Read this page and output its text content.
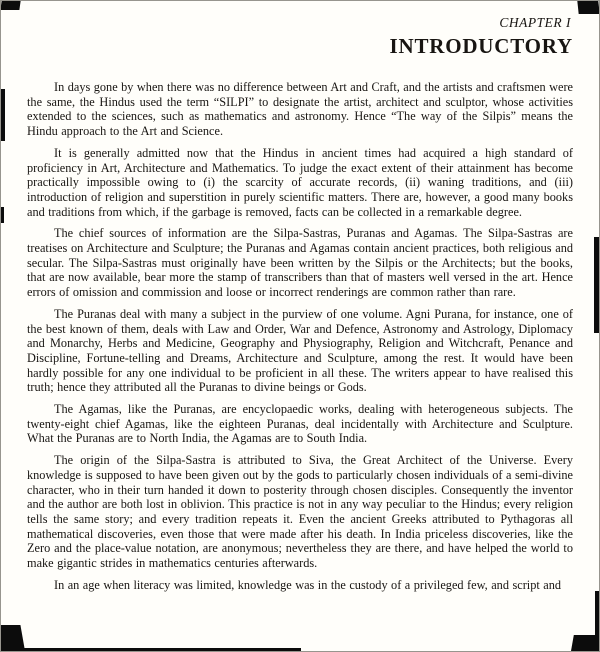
CHAPTER I
INTRODUCTORY

In days gone by when there was no difference between Art and Craft, and the artists and craftsmen were the same, the Hindus used the term “SILPI” to designate the artist, architect and sculptor, whose activities extended to the sciences, such as mathematics and astronomy. Hence “The way of the Silpis” means the Hindu approach to the Art and Science.

It is generally admitted now that the Hindus in ancient times had acquired a high standard of proficiency in Art, Architecture and Mathematics. To judge the exact extent of their attainment has become practically impossible owing to (i) the scarcity of accurate records, (ii) waning traditions, and (iii) introduction of religion and superstition in purely scientific matters. There are, however, a good many books and traditions from which, if the garbage is removed, facts can be collected in a remarkable degree.

The chief sources of information are the Silpa-Sastras, Puranas and Agamas. The Silpa-Sastras are treatises on Architecture and Sculpture; the Puranas and Agamas contain ancient practices, both religious and secular. The Silpa-Sastras must originally have been written by the Silpis or the Architects; but the books, that are now available, bear more the stamp of transcribers than that of masters well versed in the art. Hence errors of omission and commission and loose or incorrect renderings are common rather than rare.

The Puranas deal with many a subject in the purview of one volume. Agni Purana, for instance, one of the best known of them, deals with Law and Order, War and Defence, Astronomy and Astrology, Diplomacy and Monarchy, Herbs and Medicine, Geography and Physiography, Religion and Witchcraft, Penance and Discipline, Fortune-telling and Dreams, Architecture and Sculpture, among the rest. It would have been hardly possible for any one individual to be proficient in all these. The writers appear to have realised this truth; hence they attributed all the Puranas to divine beings or Gods.

The Agamas, like the Puranas, are encyclopaedic works, dealing with heterogeneous subjects. The twenty-eight chief Agamas, like the eighteen Puranas, deal incidentally with Architecture and Sculpture. What the Puranas are to North India, the Agamas are to South India.

The origin of the Silpa-Sastra is attributed to Siva, the Great Architect of the Universe. Every knowledge is supposed to have been given out by the gods to particularly chosen individuals of a semi-divine character, who in their turn handed it down to posterity through chosen disciples. Consequently the inventor and the author are both lost in oblivion. This practice is not in any way peculiar to the Hindus; every religion tells the same story; and every tradition repeats it. Even the ancient Greeks attributed to Pythagoras all mathematical discoveries, even those that were made after his death. In India priceless discoveries, like the Zero and the place-value notation, are anonymous; nevertheless they are there, and have helped the world to make gigantic strides in mathematics centuries afterwards.

In an age when literacy was limited, knowledge was in the custody of a privileged few, and script and
